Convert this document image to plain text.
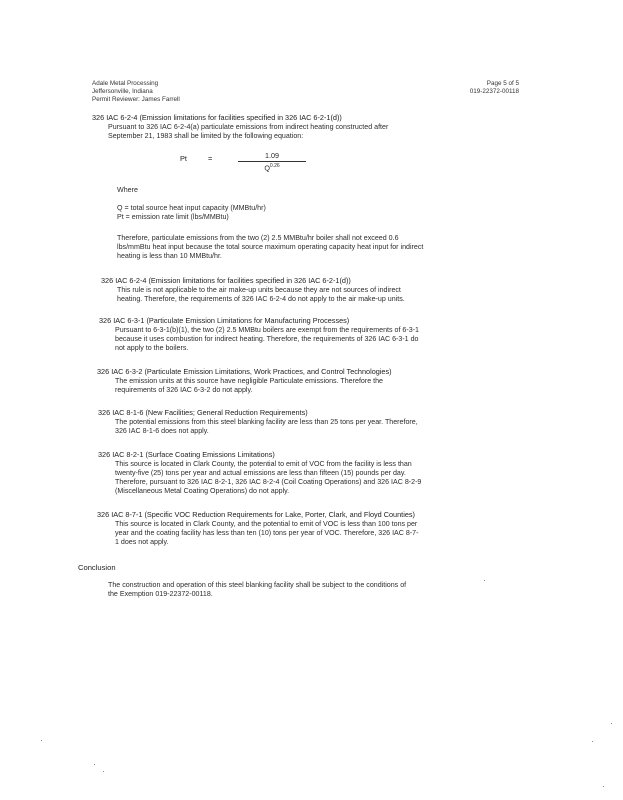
Adale Metal Processing
Jeffersonville, Indiana
Permit Reviewer: James Farrell
Page 5 of 5
019-22372-00118
326 IAC 6-2-4 (Emission limitations for facilities specified in 326 IAC 6-2-1(d))
Pursuant to 326 IAC 6-2-4(a) particulate emissions from indirect heating constructed after
September 21, 1983 shall be limited by the following equation:
Pt	=	$\frac{1.09}{Q^{0.26}}$
Where
Q = total source heat input capacity (MMBtu/hr)
Pt = emission rate limit (lbs/MMBtu)
Therefore, particulate emissions from the two (2) 2.5 MMBtu/hr boiler shall not exceed 0.6
lbs/mmBtu heat input because the total source maximum operating capacity heat input for indirect
heating is less than 10 MMBtu/hr.
326 IAC 6-2-4 (Emission limitations for facilities specified in 326 IAC 6-2-1(d))
This rule is not applicable to the air make-up units because they are not sources of indirect
heating. Therefore, the requirements of 326 IAC 6-2-4 do not apply to the air make-up units.
326 IAC 6-3-1 (Particulate Emission Limitations for Manufacturing Processes)
Pursuant to 6-3-1(b)(1), the two (2) 2.5 MMBtu boilers are exempt from the requirements of 6-3-1
because it uses combustion for indirect heating. Therefore, the requirements of 326 IAC 6-3-1 do
not apply to the boilers.
326 IAC 6-3-2 (Particulate Emission Limitations, Work Practices, and Control Technologies)
The emission units at this source have negligible Particulate emissions. Therefore the
requirements of 326 IAC 6-3-2 do not apply.
326 IAC 8-1-6 (New Facilities; General Reduction Requirements)
The potential emissions from this steel blanking facility are less than 25 tons per year. Therefore,
326 IAC 8-1-6 does not apply.
326 IAC 8-2-1 (Surface Coating Emissions Limitations)
This source is located in Clark County, the potential to emit of VOC from the facility is less than
twenty-five (25) tons per year and actual emissions are less than fifteen (15) pounds per day.
Therefore, pursuant to 326 IAC 8-2-1, 326 IAC 8-2-4 (Coil Coating Operations) and 326 IAC 8-2-9
(Miscellaneous Metal Coating Operations) do not apply.
326 IAC 8-7-1 (Specific VOC Reduction Requirements for Lake, Porter, Clark, and Floyd Counties)
This source is located in Clark County, and the potential to emit of VOC is less than 100 tons per
year and the coating facility has less than ten (10) tons per year of VOC. Therefore, 326 IAC 8-7-
1 does not apply.
Conclusion
The construction and operation of this steel blanking facility shall be subject to the conditions of
the Exemption 019-22372-00118.
